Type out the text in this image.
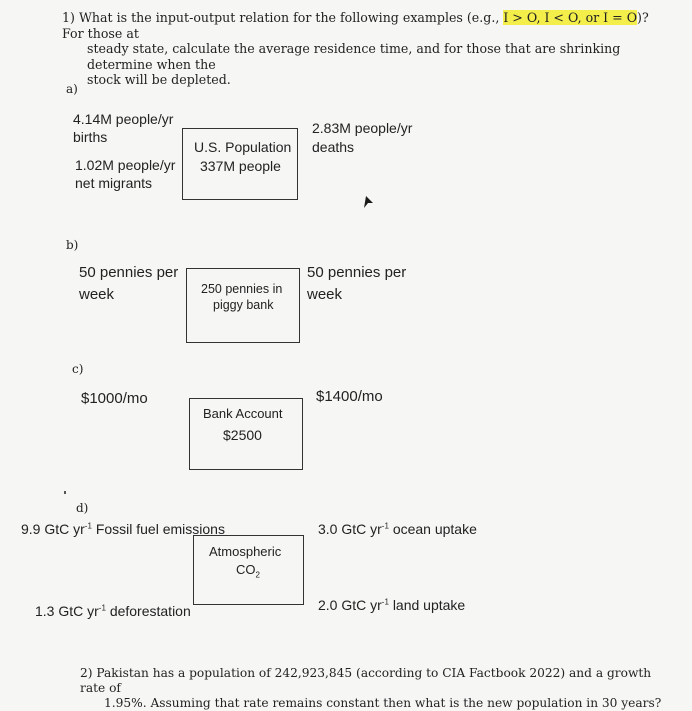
1) What is the input-output relation for the following examples (e.g., I > O, I < O, or I = O)? For those at
steady state, calculate the average residence time, and for those that are shrinking determine when the
stock will be depleted.
a)
4.14M people/yr
births
1.02M people/yr
net migrants
U.S. Population
337M people
2.83M people/yr
deaths
b)
50 pennies per
week	250 pennies in
piggy bank
50 pennies per
week
c)
$1000/mo
Bank Account
$2500
$1400/mo
d)
9.9 GtC $yr^{-1}$ Fossil fuel emissions
Atmospheric
$CO_2$
1.3 GtC $yr^{-1}$ deforestation
3.0 GtC $yr^{-1}$ ocean uptake
2.0 GtC $yr^{-1}$ land uptake
2) Pakistan has a population of 242,923,845 (according to CIA Factbook 2022) and a growth rate of
1.95%. Assuming that rate remains constant then what is the new population in 30 years?
